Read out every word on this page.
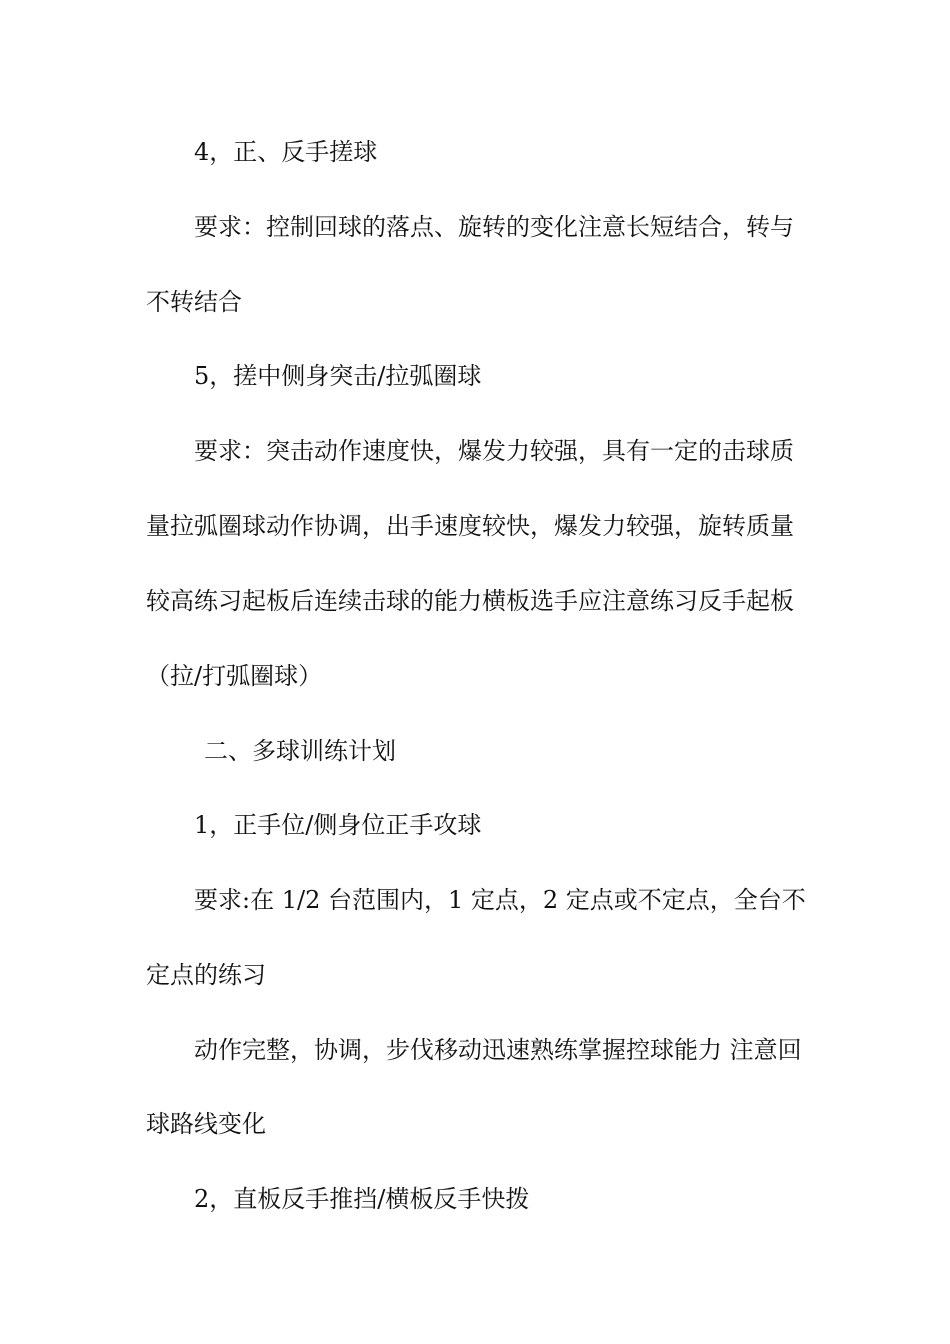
4，正、反手搓球
要求：控制回球的落点、旋转的变化注意长短结合，转与
不转结合
5，搓中侧身突击/拉弧圈球
要求：突击动作速度快，爆发力较强，具有一定的击球质
量拉弧圈球动作协调，出手速度较快，爆发力较强，旋转质量
较高练习起板后连续击球的能力横板选手应注意练习反手起板
（拉/打弧圈球）
二、多球训练计划
1，正手位/侧身位正手攻球
要求:在 1/2 台范围内，1 定点，2 定点或不定点，全台不
定点的练习
动作完整，协调，步伐移动迅速熟练掌握控球能力 注意回
球路线变化
2，直板反手推挡/横板反手快拨
